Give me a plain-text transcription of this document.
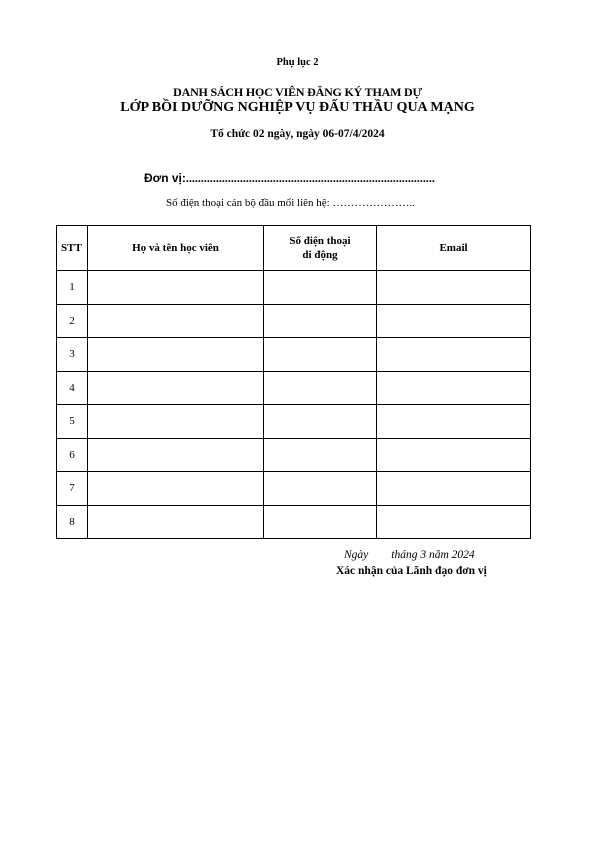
Phụ lục 2
DANH SÁCH HỌC VIÊN ĐĂNG KÝ THAM DỰ
LỚP BỒI DƯỠNG NGHIỆP VỤ ĐẤU THẦU QUA MẠNG
Tổ chức 02 ngày, ngày 06-07/4/2024
Đơn vị:...................................................................................
Số điện thoại cán bộ đầu mối liên hệ: …………………..
STT	Họ và tên học viên	Số điện thoại
di động	Email
1			
2			
3			
4			
5			
6			
7			
8			
Ngày        tháng 3 năm 2024
Xác nhận của Lãnh đạo đơn vị
